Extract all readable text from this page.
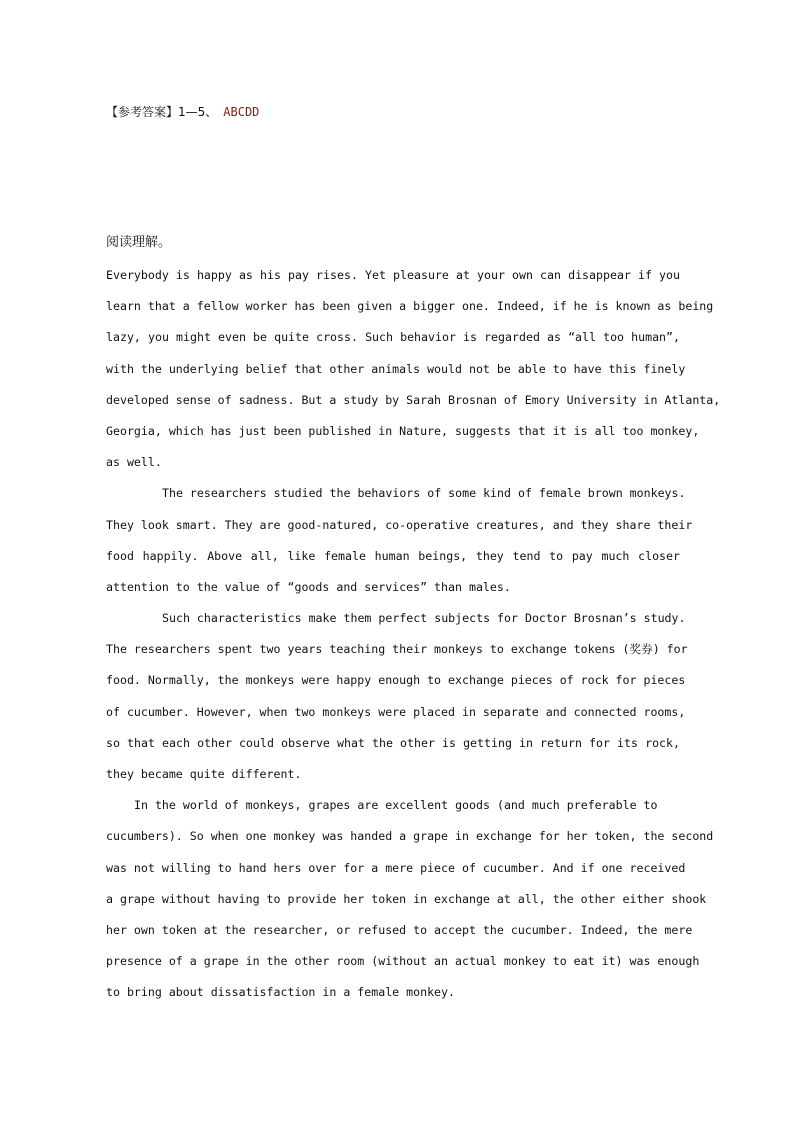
【参考答案】1—5、 ABCDD
阅读理解。
Everybody is happy as his pay rises. Yet pleasure at your own can disappear if you
learn that a fellow worker has been given a bigger one. Indeed, if he is known as being
lazy, you might even be quite cross. Such behavior is regarded as “all too human”,
with the underlying belief that other animals would not be able to have this finely
developed sense of sadness. But a study by Sarah Brosnan of Emory University in Atlanta,
Georgia, which has just been published in Nature, suggests that it is all too monkey,
as well.
The researchers studied the behaviors of some kind of female brown monkeys.
They look smart. They are good-natured, co-operative creatures, and they share their
food happily. Above all, like female human beings, they tend to pay much closer
attention to the value of “goods and services” than males.
Such characteristics make them perfect subjects for Doctor Brosnan’s study.
The researchers spent two years teaching their monkeys to exchange tokens (奖券) for
food. Normally, the monkeys were happy enough to exchange pieces of rock for pieces
of cucumber. However, when two monkeys were placed in separate and connected rooms,
so that each other could observe what the other is getting in return for its rock,
they became quite different.
In the world of monkeys, grapes are excellent goods (and much preferable to
cucumbers). So when one monkey was handed a grape in exchange for her token, the second
was not willing to hand hers over for a mere piece of cucumber. And if one received
a grape without having to provide her token in exchange at all, the other either shook
her own token at the researcher, or refused to accept the cucumber. Indeed, the mere
presence of a grape in the other room (without an actual monkey to eat it) was enough
to bring about dissatisfaction in a female monkey.
